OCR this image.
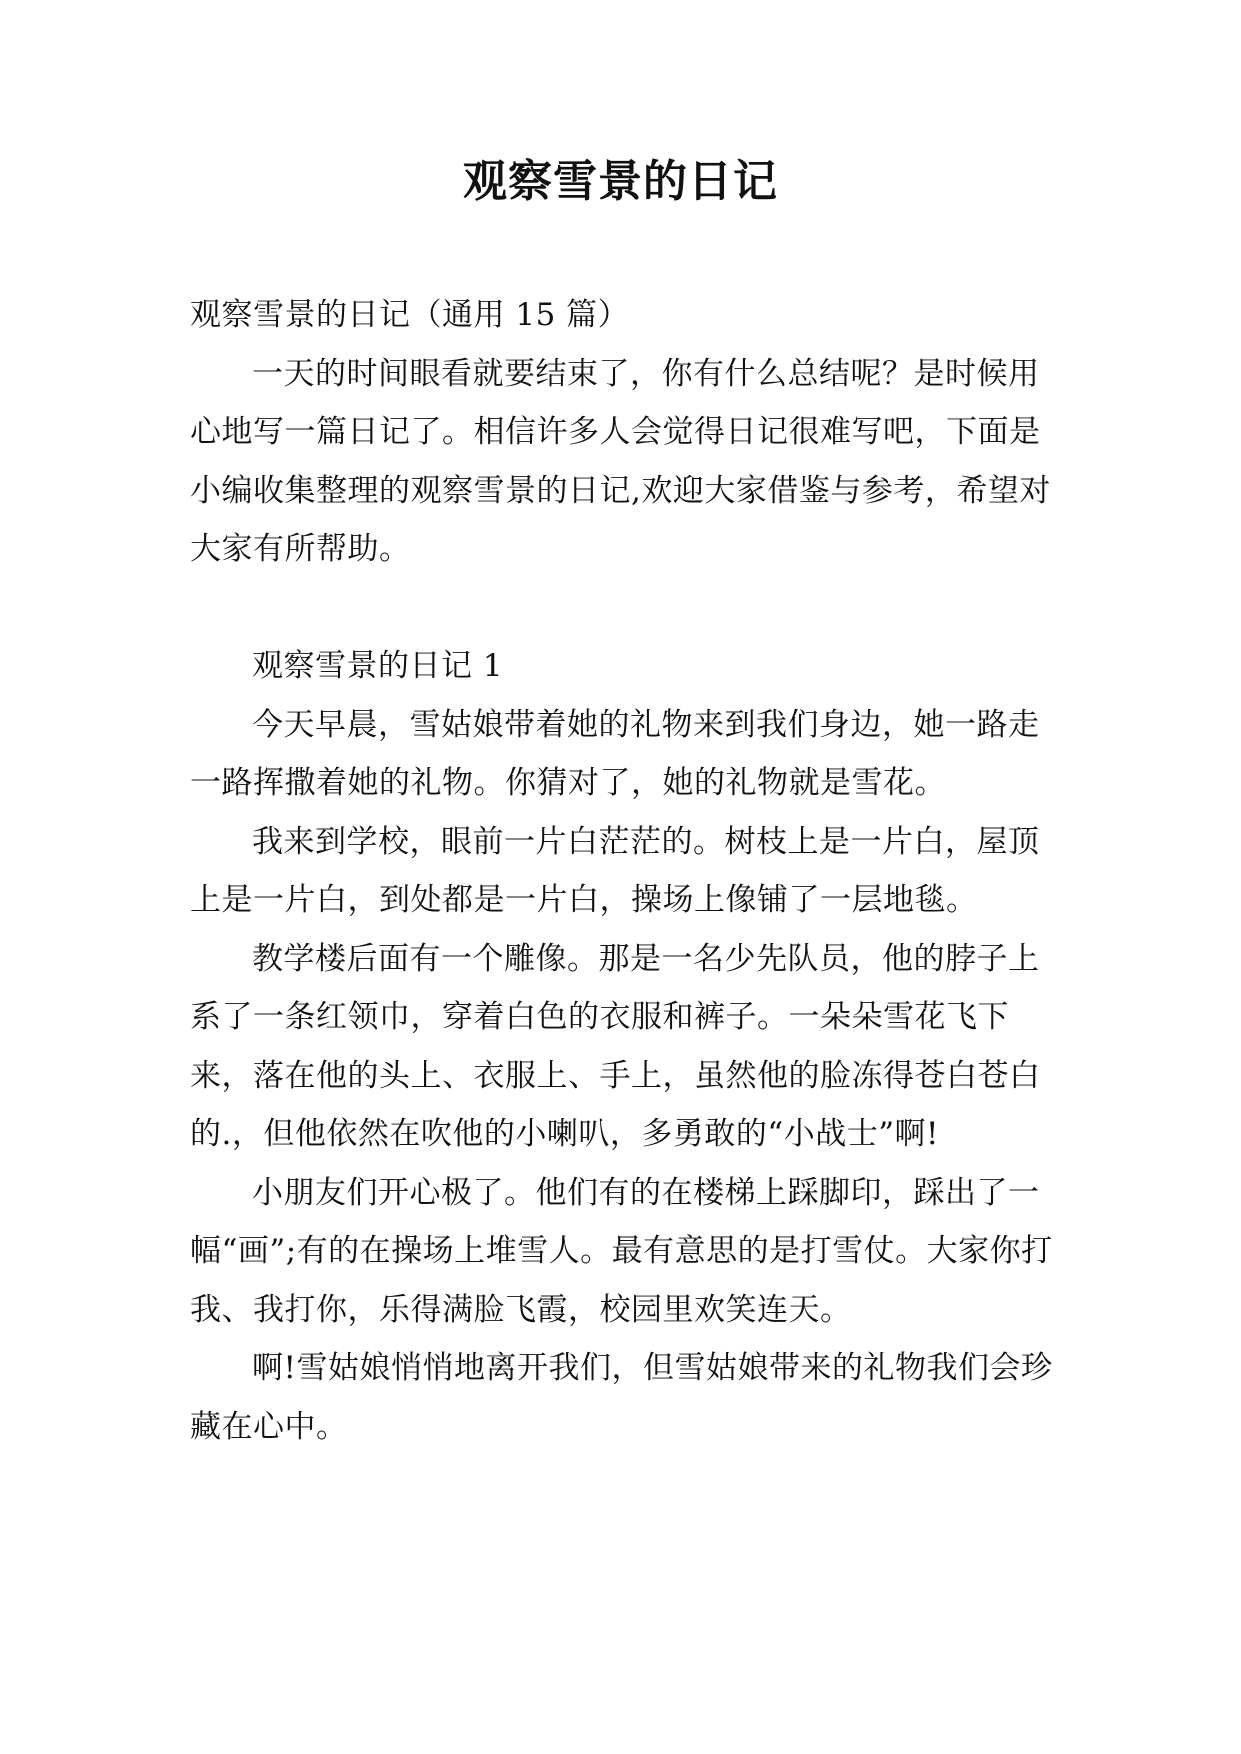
观察雪景的日记

观察雪景的日记（通用 15 篇）

一天的时间眼看就要结束了，你有什么总结呢？是时候用心地写一篇日记了。相信许多人会觉得日记很难写吧，下面是小编收集整理的观察雪景的日记,欢迎大家借鉴与参考，希望对大家有所帮助。

观察雪景的日记 1

今天早晨，雪姑娘带着她的礼物来到我们身边，她一路走一路挥撒着她的礼物。你猜对了，她的礼物就是雪花。

我来到学校，眼前一片白茫茫的。树枝上是一片白，屋顶上是一片白，到处都是一片白，操场上像铺了一层地毯。

教学楼后面有一个雕像。那是一名少先队员，他的脖子上系了一条红领巾，穿着白色的衣服和裤子。一朵朵雪花飞下来，落在他的头上、衣服上、手上，虽然他的脸冻得苍白苍白的.，但他依然在吹他的小喇叭，多勇敢的“小战士”啊!

小朋友们开心极了。他们有的在楼梯上踩脚印，踩出了一幅“画”;有的在操场上堆雪人。最有意思的是打雪仗。大家你打我、我打你，乐得满脸飞霞，校园里欢笑连天。

啊!雪姑娘悄悄地离开我们，但雪姑娘带来的礼物我们会珍藏在心中。
